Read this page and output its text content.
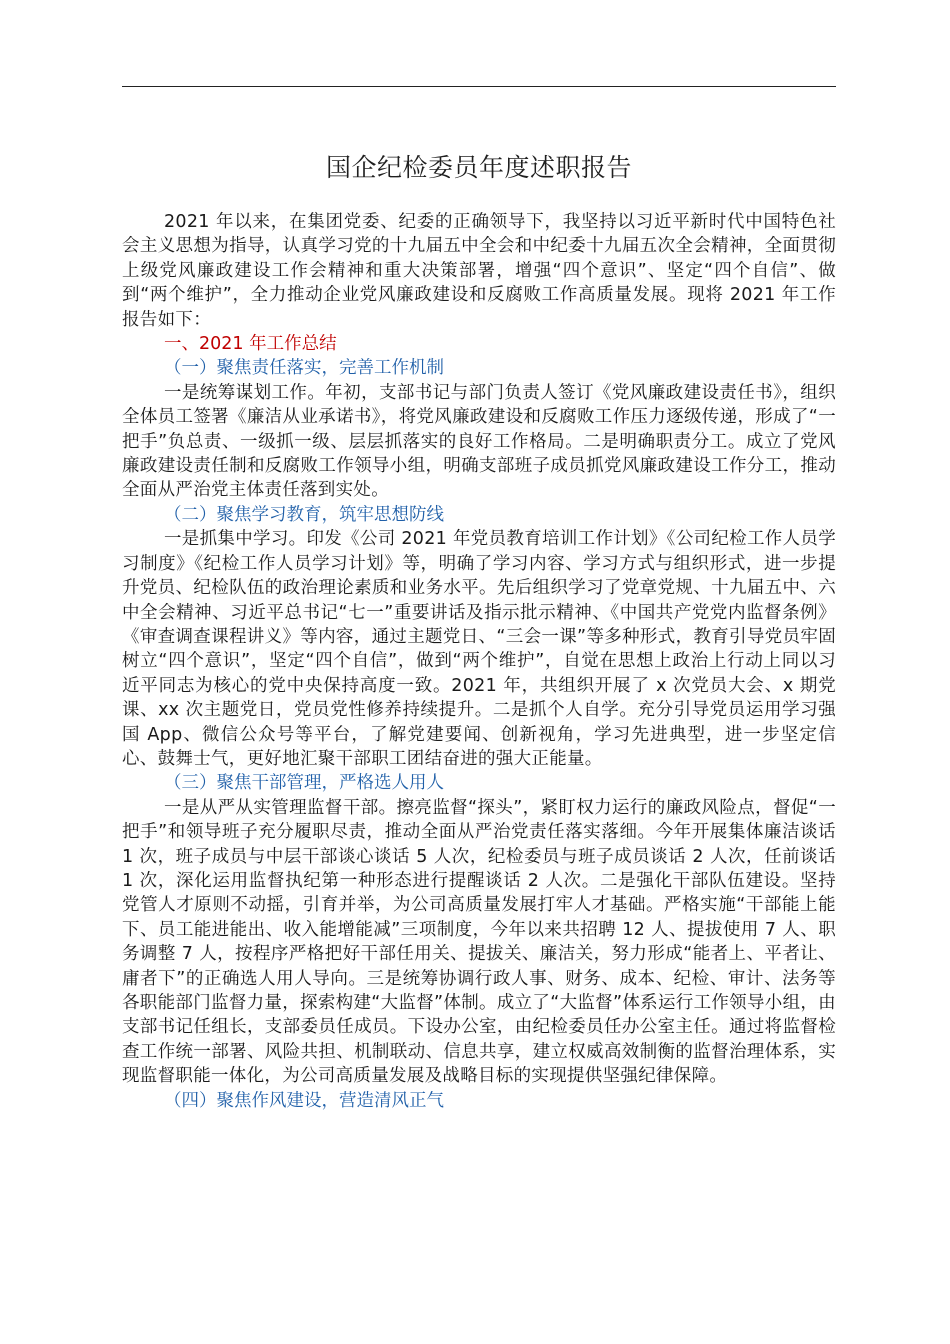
国企纪检委员年度述职报告

2021 年以来，在集团党委、纪委的正确领导下，我坚持以习近平新时代中国特色社会主义思想为指导，认真学习党的十九届五中全会和中纪委十九届五次全会精神，全面贯彻上级党风廉政建设工作会精神和重大决策部署，增强“四个意识”、坚定“四个自信”、做到“两个维护”，全力推动企业党风廉政建设和反腐败工作高质量发展。现将 2021 年工作报告如下：

一、2021 年工作总结

（一）聚焦责任落实，完善工作机制

一是统筹谋划工作。年初，支部书记与部门负责人签订《党风廉政建设责任书》，组织全体员工签署《廉洁从业承诺书》，将党风廉政建设和反腐败工作压力逐级传递，形成了“一把手”负总责、一级抓一级、层层抓落实的良好工作格局。二是明确职责分工。成立了党风廉政建设责任制和反腐败工作领导小组，明确支部班子成员抓党风廉政建设工作分工，推动全面从严治党主体责任落到实处。

（二）聚焦学习教育，筑牢思想防线

一是抓集中学习。印发《公司 2021 年党员教育培训工作计划》《公司纪检工作人员学习制度》《纪检工作人员学习计划》等，明确了学习内容、学习方式与组织形式，进一步提升党员、纪检队伍的政治理论素质和业务水平。先后组织学习了党章党规、十九届五中、六中全会精神、习近平总书记“七一”重要讲话及指示批示精神、《中国共产党党内监督条例》《审查调查课程讲义》等内容，通过主题党日、“三会一课”等多种形式，教育引导党员牢固树立“四个意识”，坚定“四个自信”，做到“两个维护”，自觉在思想上政治上行动上同以习近平同志为核心的党中央保持高度一致。2021 年，共组织开展了 x 次党员大会、x 期党课、xx 次主题党日，党员党性修养持续提升。二是抓个人自学。充分引导党员运用学习强国 App、微信公众号等平台，了解党建要闻、创新视角，学习先进典型，进一步坚定信心、鼓舞士气，更好地汇聚干部职工团结奋进的强大正能量。

（三）聚焦干部管理，严格选人用人

一是从严从实管理监督干部。擦亮监督“探头”，紧盯权力运行的廉政风险点，督促“一把手”和领导班子充分履职尽责，推动全面从严治党责任落实落细。今年开展集体廉洁谈话 1 次，班子成员与中层干部谈心谈话 5 人次，纪检委员与班子成员谈话 2 人次，任前谈话 1 次，深化运用监督执纪第一种形态进行提醒谈话 2 人次。二是强化干部队伍建设。坚持党管人才原则不动摇，引育并举，为公司高质量发展打牢人才基础。严格实施“干部能上能下、员工能进能出、收入能增能减”三项制度，今年以来共招聘 12 人、提拔使用 7 人、职务调整 7 人，按程序严格把好干部任用关、提拔关、廉洁关，努力形成“能者上、平者让、庸者下”的正确选人用人导向。三是统筹协调行政人事、财务、成本、纪检、审计、法务等各职能部门监督力量，探索构建“大监督”体制。成立了“大监督”体系运行工作领导小组，由支部书记任组长，支部委员任成员。下设办公室，由纪检委员任办公室主任。通过将监督检查工作统一部署、风险共担、机制联动、信息共享，建立权威高效制衡的监督治理体系，实现监督职能一体化，为公司高质量发展及战略目标的实现提供坚强纪律保障。

（四）聚焦作风建设，营造清风正气
